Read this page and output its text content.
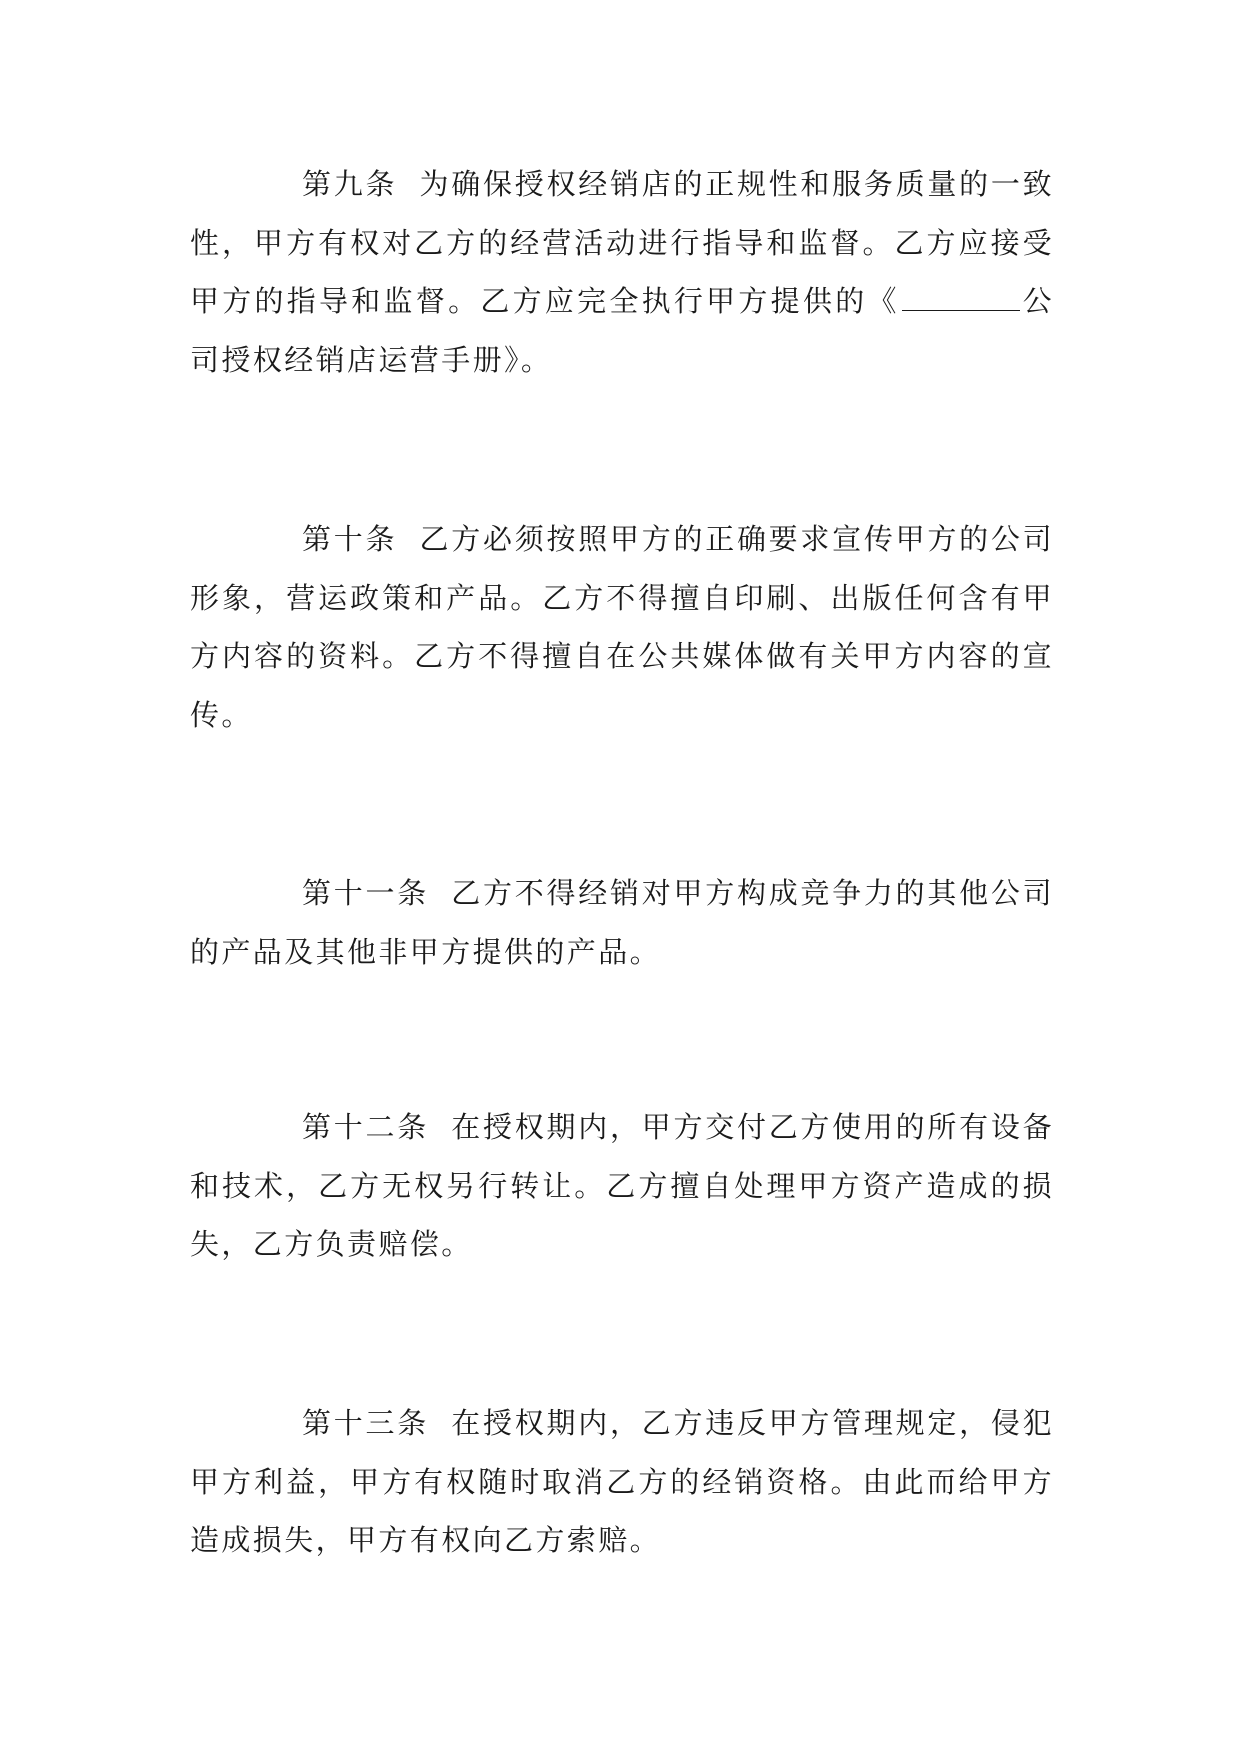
第九条 为确保授权经销店的正规性和服务质量的一致性，甲方有权对乙方的经营活动进行指导和监督。乙方应接受甲方的指导和监督。乙方应完全执行甲方提供的《	公司授权经销店运营手册》。

第十条 乙方必须按照甲方的正确要求宣传甲方的公司形象，营运政策和产品。乙方不得擅自印刷、出版任何含有甲方内容的资料。乙方不得擅自在公共媒体做有关甲方内容的宣传。

第十一条 乙方不得经销对甲方构成竞争力的其他公司的产品及其他非甲方提供的产品。

第十二条 在授权期内，甲方交付乙方使用的所有设备和技术，乙方无权另行转让。乙方擅自处理甲方资产造成的损失，乙方负责赔偿。

第十三条 在授权期内，乙方违反甲方管理规定，侵犯甲方利益，甲方有权随时取消乙方的经销资格。由此而给甲方造成损失，甲方有权向乙方索赔。
